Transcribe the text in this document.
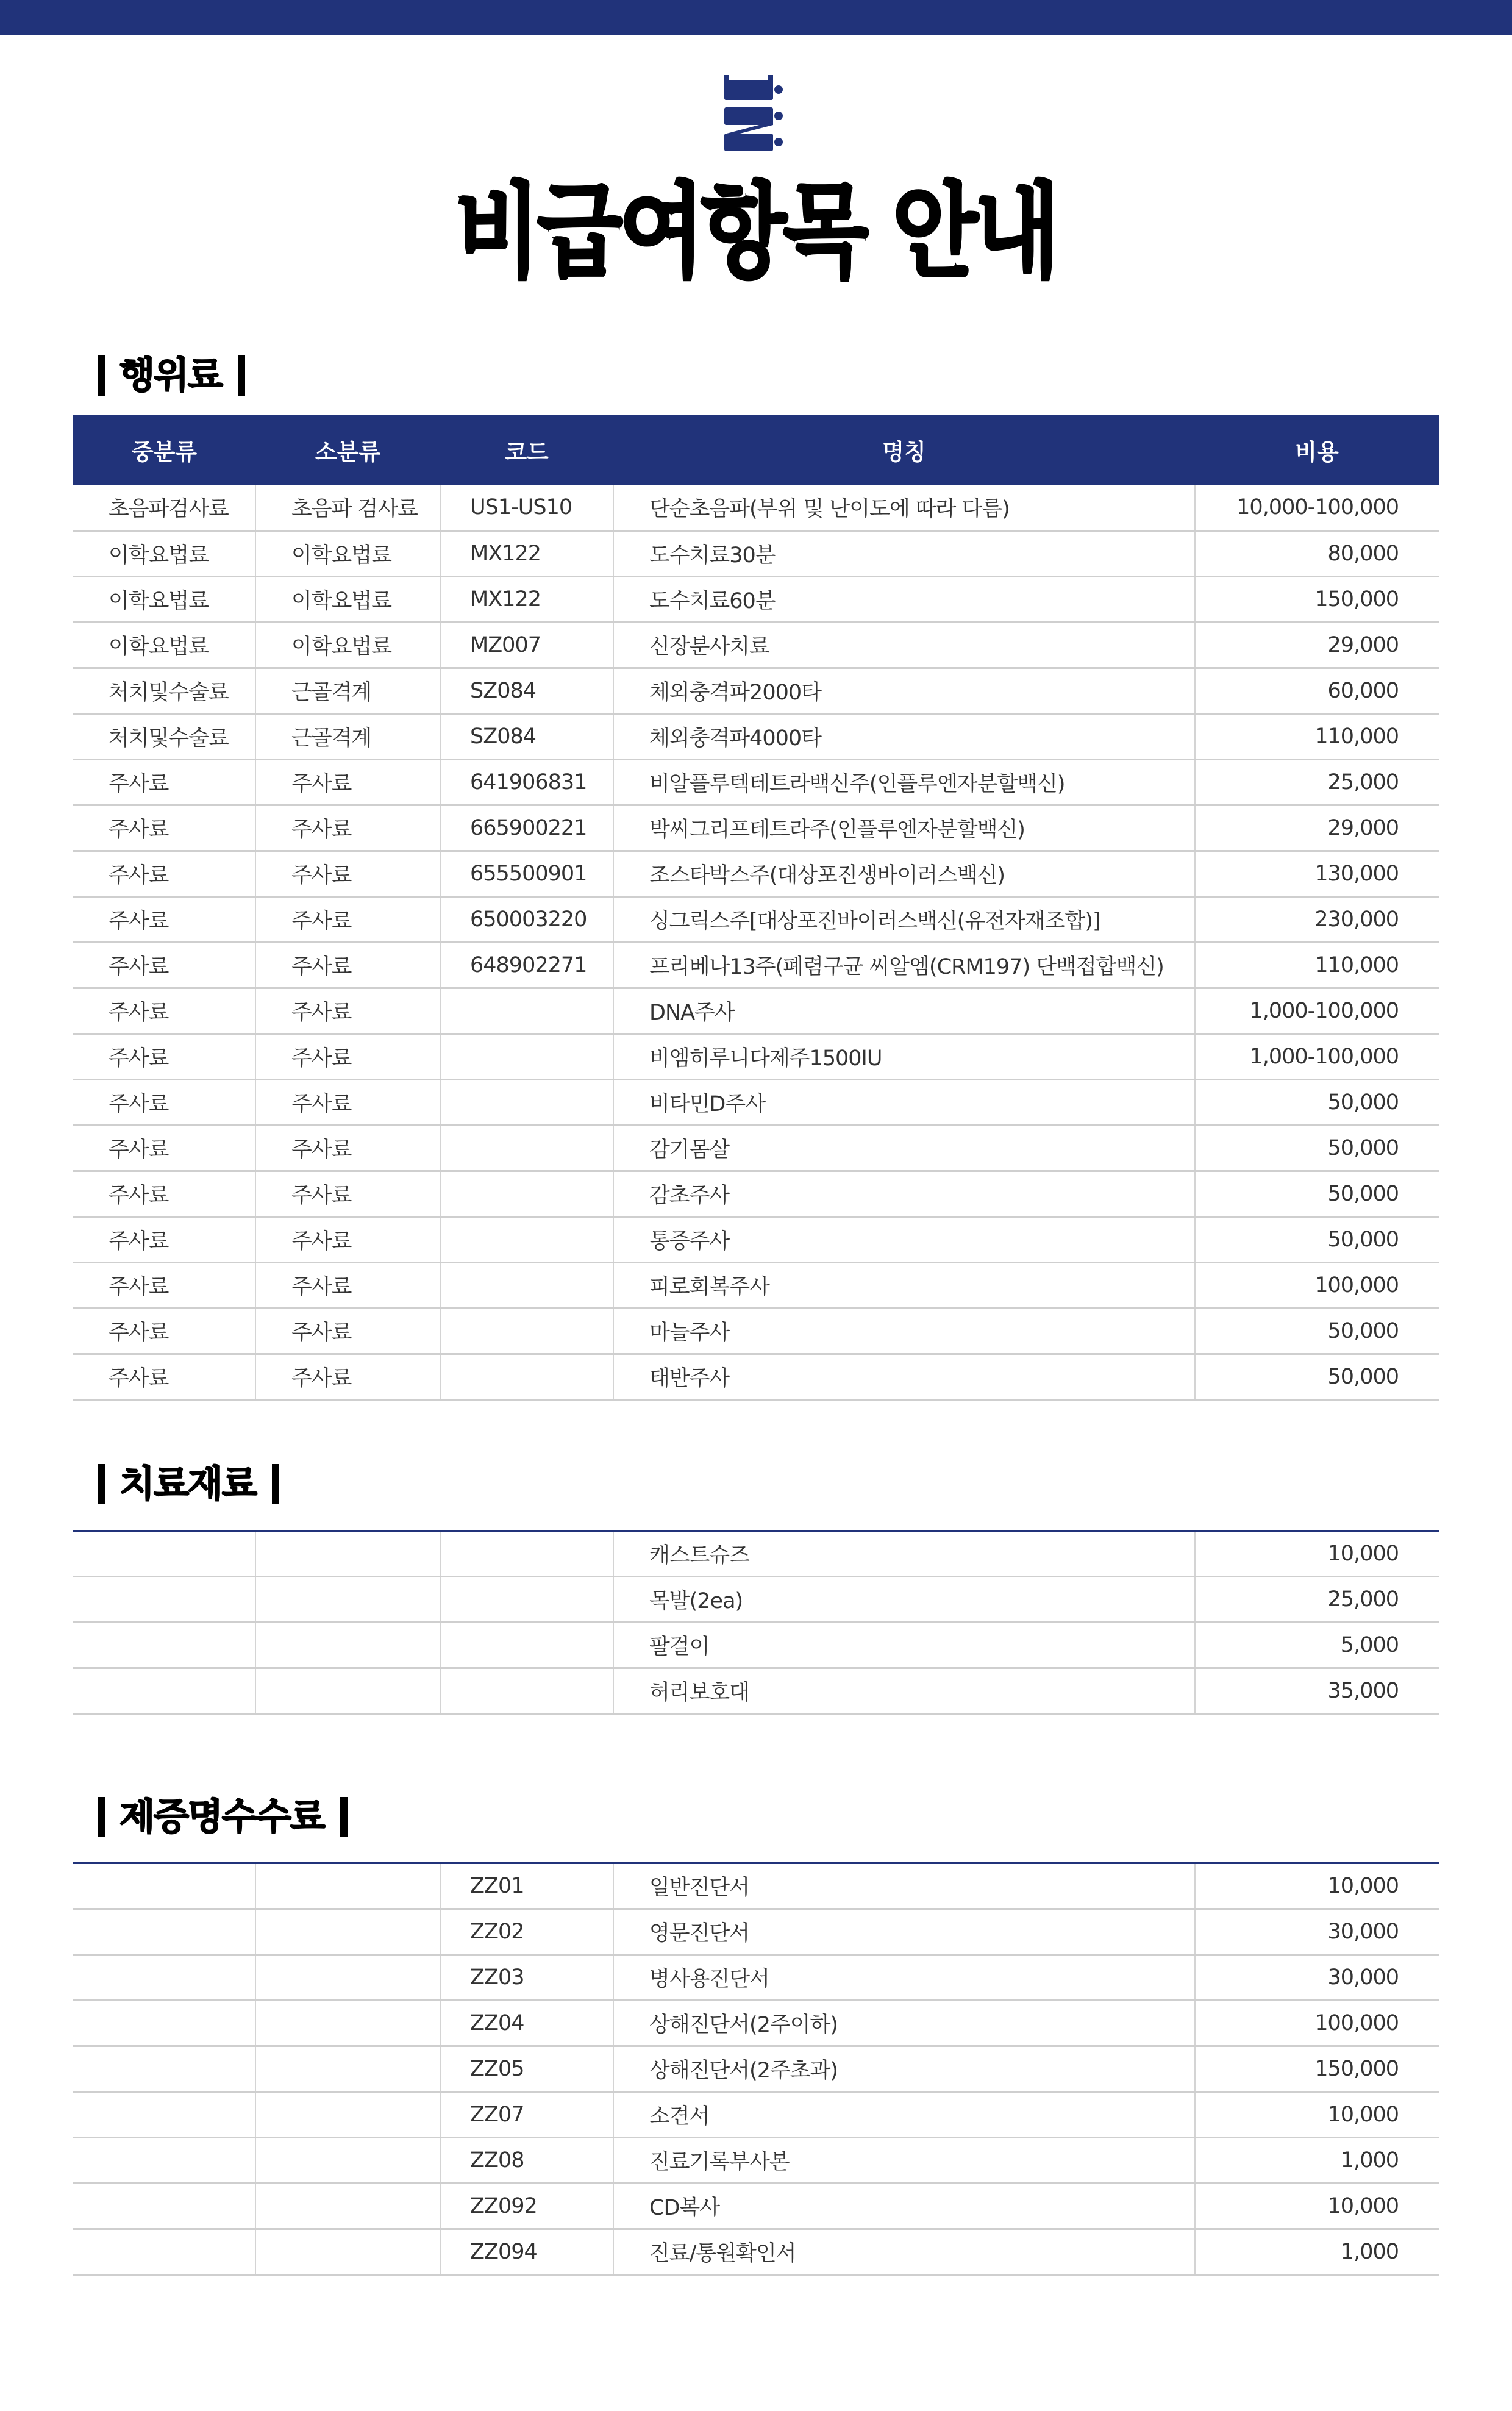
비급여항목 안내
행위료
중분류	소분류	코드	명칭	비용
초음파검사료	초음파 검사료	US1-US10	단순초음파(부위 및 난이도에 따라 다름)	10,000-100,000
이학요법료	이학요법료	MX122	도수치료30분	80,000
이학요법료	이학요법료	MX122	도수치료60분	150,000
이학요법료	이학요법료	MZ007	신장분사치료	29,000
처치및수술료	근골격계	SZ084	체외충격파2000타	60,000
처치및수술료	근골격계	SZ084	체외충격파4000타	110,000
주사료	주사료	641906831	비알플루텍테트라백신주(인플루엔자분할백신)	25,000
주사료	주사료	665900221	박씨그리프테트라주(인플루엔자분할백신)	29,000
주사료	주사료	655500901	조스타박스주(대상포진생바이러스백신)	130,000
주사료	주사료	650003220	싱그릭스주[대상포진바이러스백신(유전자재조합)]	230,000
주사료	주사료	648902271	프리베나13주(폐렴구균 씨알엠(CRM197) 단백접합백신)	110,000
주사료	주사료		DNA주사	1,000-100,000
주사료	주사료		비엠히루니다제주1500IU	1,000-100,000
주사료	주사료		비타민D주사	50,000
주사료	주사료		감기몸살	50,000
주사료	주사료		감초주사	50,000
주사료	주사료		통증주사	50,000
주사료	주사료		피로회복주사	100,000
주사료	주사료		마늘주사	50,000
주사료	주사료		태반주사	50,000
치료재료
			캐스트슈즈	10,000
			목발(2ea)	25,000
			팔걸이	5,000
			허리보호대	35,000
제증명수수료
		ZZ01	일반진단서	10,000
		ZZ02	영문진단서	30,000
		ZZ03	병사용진단서	30,000
		ZZ04	상해진단서(2주이하)	100,000
		ZZ05	상해진단서(2주초과)	150,000
		ZZ07	소견서	10,000
		ZZ08	진료기록부사본	1,000
		ZZ092	CD복사	10,000
		ZZ094	진료/통원확인서	1,000
